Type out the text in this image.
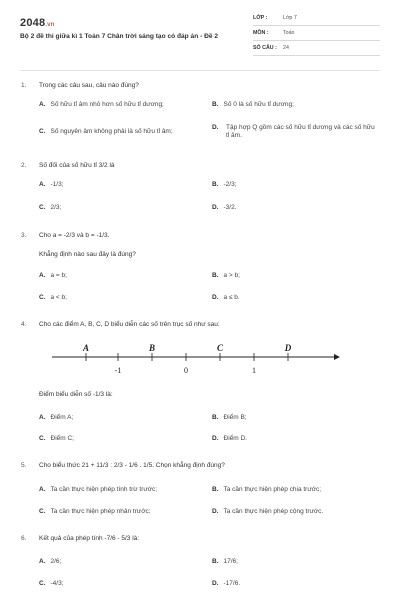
2048.vn
Bộ 2 đề thi giữa kì 1 Toán 7 Chân trời sáng tạo có đáp án - Đề 2
LỚP :	Lớp 7
MÔN :	Toán
SỐ CÂU : 24
1. Trong các câu sau, câu nào đúng?
A. Số hữu tỉ âm nhỏ hơn số hữu tỉ dương;	B. Số 0 là số hữu tỉ dương;
C. Số nguyên âm không phải là số hữu tỉ âm;
D. Tập hợp Q gồm các số hữu tỉ dương và các số hữu tỉ âm.
2. Số đối của số hữu tỉ 3/2 là
A. -1/3;	B. -2/3;
C. 2/3;	D. -3/2.
3. Cho a = -2/3 và b = -1/3.
Khẳng định nào sau đây là đúng?
A. a = b;	B. a > b;
C. a < b;	D. a ≤ b.
4. Cho các điểm A, B, C, D biểu diễn các số trên trục số như sau:
A	B	C	D
-1	0	1
Điểm biểu diễn số -1/3 là:
A. Điểm A;	B. Điểm B;
C. Điểm C;	D. Điểm D.
5. Cho biểu thức 21 + 11/3 : 2/3 - 1/6 . 1/5. Chọn khẳng định đúng?
A. Ta cần thực hiện phép tính trừ trước;	B. Ta cần thực hiện phép chia trước;
C. Ta cần thực hiện phép nhân trước;	D. Ta cần thực hiện phép cộng trước.
6. Kết quả của phép tính -7/6 - 5/3 là:
A. 2/6;	B. 17/6;
C. -4/3;	D. -17/6.
